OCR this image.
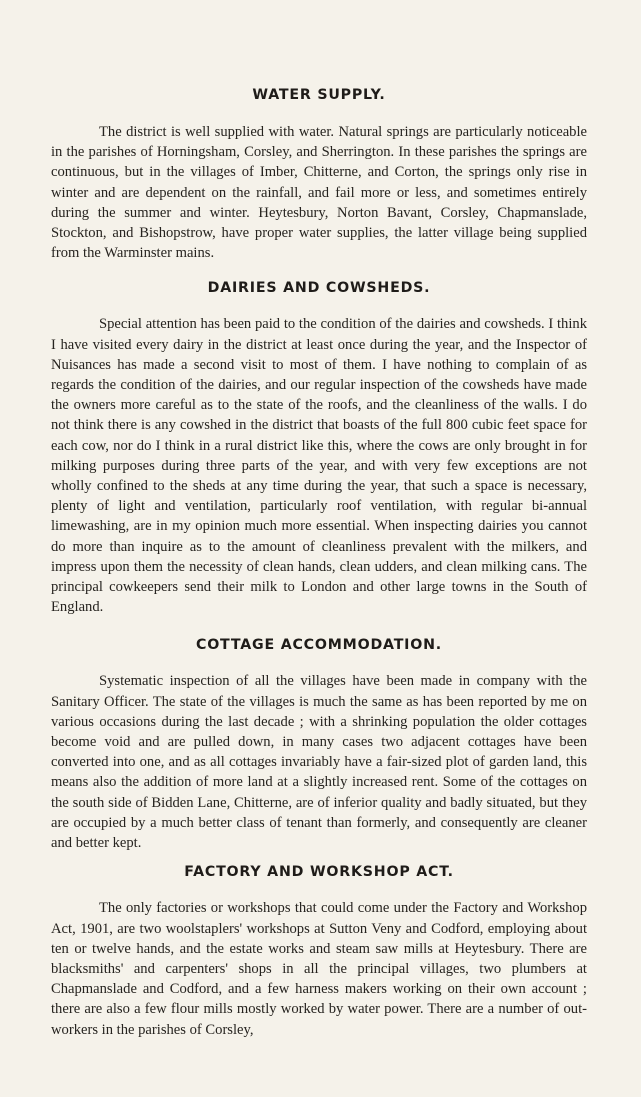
WATER SUPPLY.

The district is well supplied with water. Natural springs are particularly noticeable in the parishes of Horningsham, Corsley, and Sherrington. In these parishes the springs are continuous, but in the villages of Imber, Chitterne, and Corton, the springs only rise in winter and are dependent on the rainfall, and fail more or less, and sometimes entirely during the summer and winter. Heytesbury, Norton Bavant, Corsley, Chapmanslade, Stockton, and Bishopstrow, have proper water supplies, the latter village being supplied from the Warminster mains.

DAIRIES AND COWSHEDS.

Special attention has been paid to the condition of the dairies and cowsheds. I think I have visited every dairy in the district at least once during the year, and the Inspector of Nuisances has made a second visit to most of them. I have nothing to complain of as regards the condition of the dairies, and our regular inspection of the cowsheds have made the owners more careful as to the state of the roofs, and the cleanliness of the walls. I do not think there is any cowshed in the district that boasts of the full 800 cubic feet space for each cow, nor do I think in a rural district like this, where the cows are only brought in for milking purposes during three parts of the year, and with very few exceptions are not wholly confined to the sheds at any time during the year, that such a space is necessary, plenty of light and ventilation, particularly roof ventilation, with regular bi-annual limewashing, are in my opinion much more essential. When inspecting dairies you cannot do more than inquire as to the amount of cleanliness prevalent with the milkers, and impress upon them the necessity of clean hands, clean udders, and clean milking cans. The principal cowkeepers send their milk to London and other large towns in the South of England.

COTTAGE ACCOMMODATION.

Systematic inspection of all the villages have been made in company with the Sanitary Officer. The state of the villages is much the same as has been reported by me on various occasions during the last decade ; with a shrinking population the older cottages become void and are pulled down, in many cases two adjacent cottages have been converted into one, and as all cottages invariably have a fair-sized plot of garden land, this means also the addition of more land at a slightly increased rent. Some of the cottages on the south side of Bidden Lane, Chitterne, are of inferior quality and badly situated, but they are occupied by a much better class of tenant than formerly, and consequently are cleaner and better kept.

FACTORY AND WORKSHOP ACT.

The only factories or workshops that could come under the Factory and Workshop Act, 1901, are two woolstaplers' workshops at Sutton Veny and Codford, employing about ten or twelve hands, and the estate works and steam saw mills at Heytesbury. There are blacksmiths' and carpenters' shops in all the principal villages, two plumbers at Chapmanslade and Codford, and a few harness makers working on their own account ; there are also a few flour mills mostly worked by water power. There are a number of out-workers in the parishes of Corsley,
